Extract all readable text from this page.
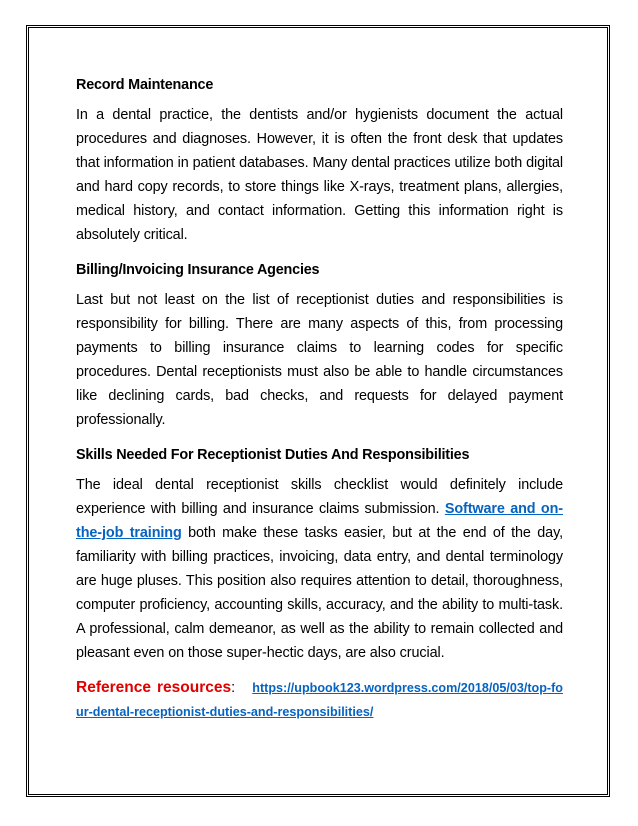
Record Maintenance

In a dental practice, the dentists and/or hygienists document the actual procedures and diagnoses. However, it is often the front desk that updates that information in patient databases. Many dental practices utilize both digital and hard copy records, to store things like X-rays, treatment plans, allergies, medical history, and contact information. Getting this information right is absolutely critical.

Billing/Invoicing Insurance Agencies

Last but not least on the list of receptionist duties and responsibilities is responsibility for billing. There are many aspects of this, from processing payments to billing insurance claims to learning codes for specific procedures. Dental receptionists must also be able to handle circumstances like declining cards, bad checks, and requests for delayed payment professionally.

Skills Needed For Receptionist Duties And Responsibilities

The ideal dental receptionist skills checklist would definitely include experience with billing and insurance claims submission. Software and on-the-job training both make these tasks easier, but at the end of the day, familiarity with billing practices, invoicing, data entry, and dental terminology are huge pluses. This position also requires attention to detail, thoroughness, computer proficiency, accounting skills, accuracy, and the ability to multi-task. A professional, calm demeanor, as well as the ability to remain collected and pleasant even on those super-hectic days, are also crucial.

Reference resources: https://upbook123.wordpress.com/2018/05/03/top-four-dental-receptionist-duties-and-responsibilities/
